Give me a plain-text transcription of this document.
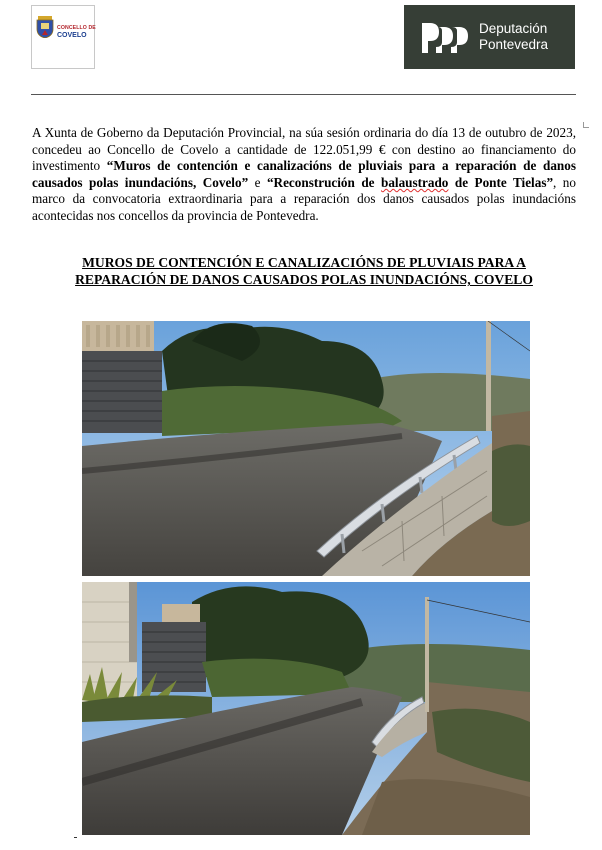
CONCELLO DE
COVELO	Deputación
Pontevedra
A Xunta de Goberno da Deputación Provincial, na súa sesión ordinaria do día 13 de outubro de 2023, concedeu ao Concello de Covelo a cantidade de 122.051,99 € con destino ao financiamento do investimento “Muros de contención e canalizacións de pluviais para a reparación de danos causados polas inundacións, Covelo” e “Reconstrución de balaustrado de Ponte Tielas”, no marco da convocatoria extraordinaria para a reparación dos danos causados polas inundacións acontecidas nos concellos da provincia de Pontevedra.
MUROS DE CONTENCIÓN E CANALIZACIÓNS DE PLUVIAIS PARA A
REPARACIÓN DE DANOS CAUSADOS POLAS INUNDACIÓNS, COVELO
